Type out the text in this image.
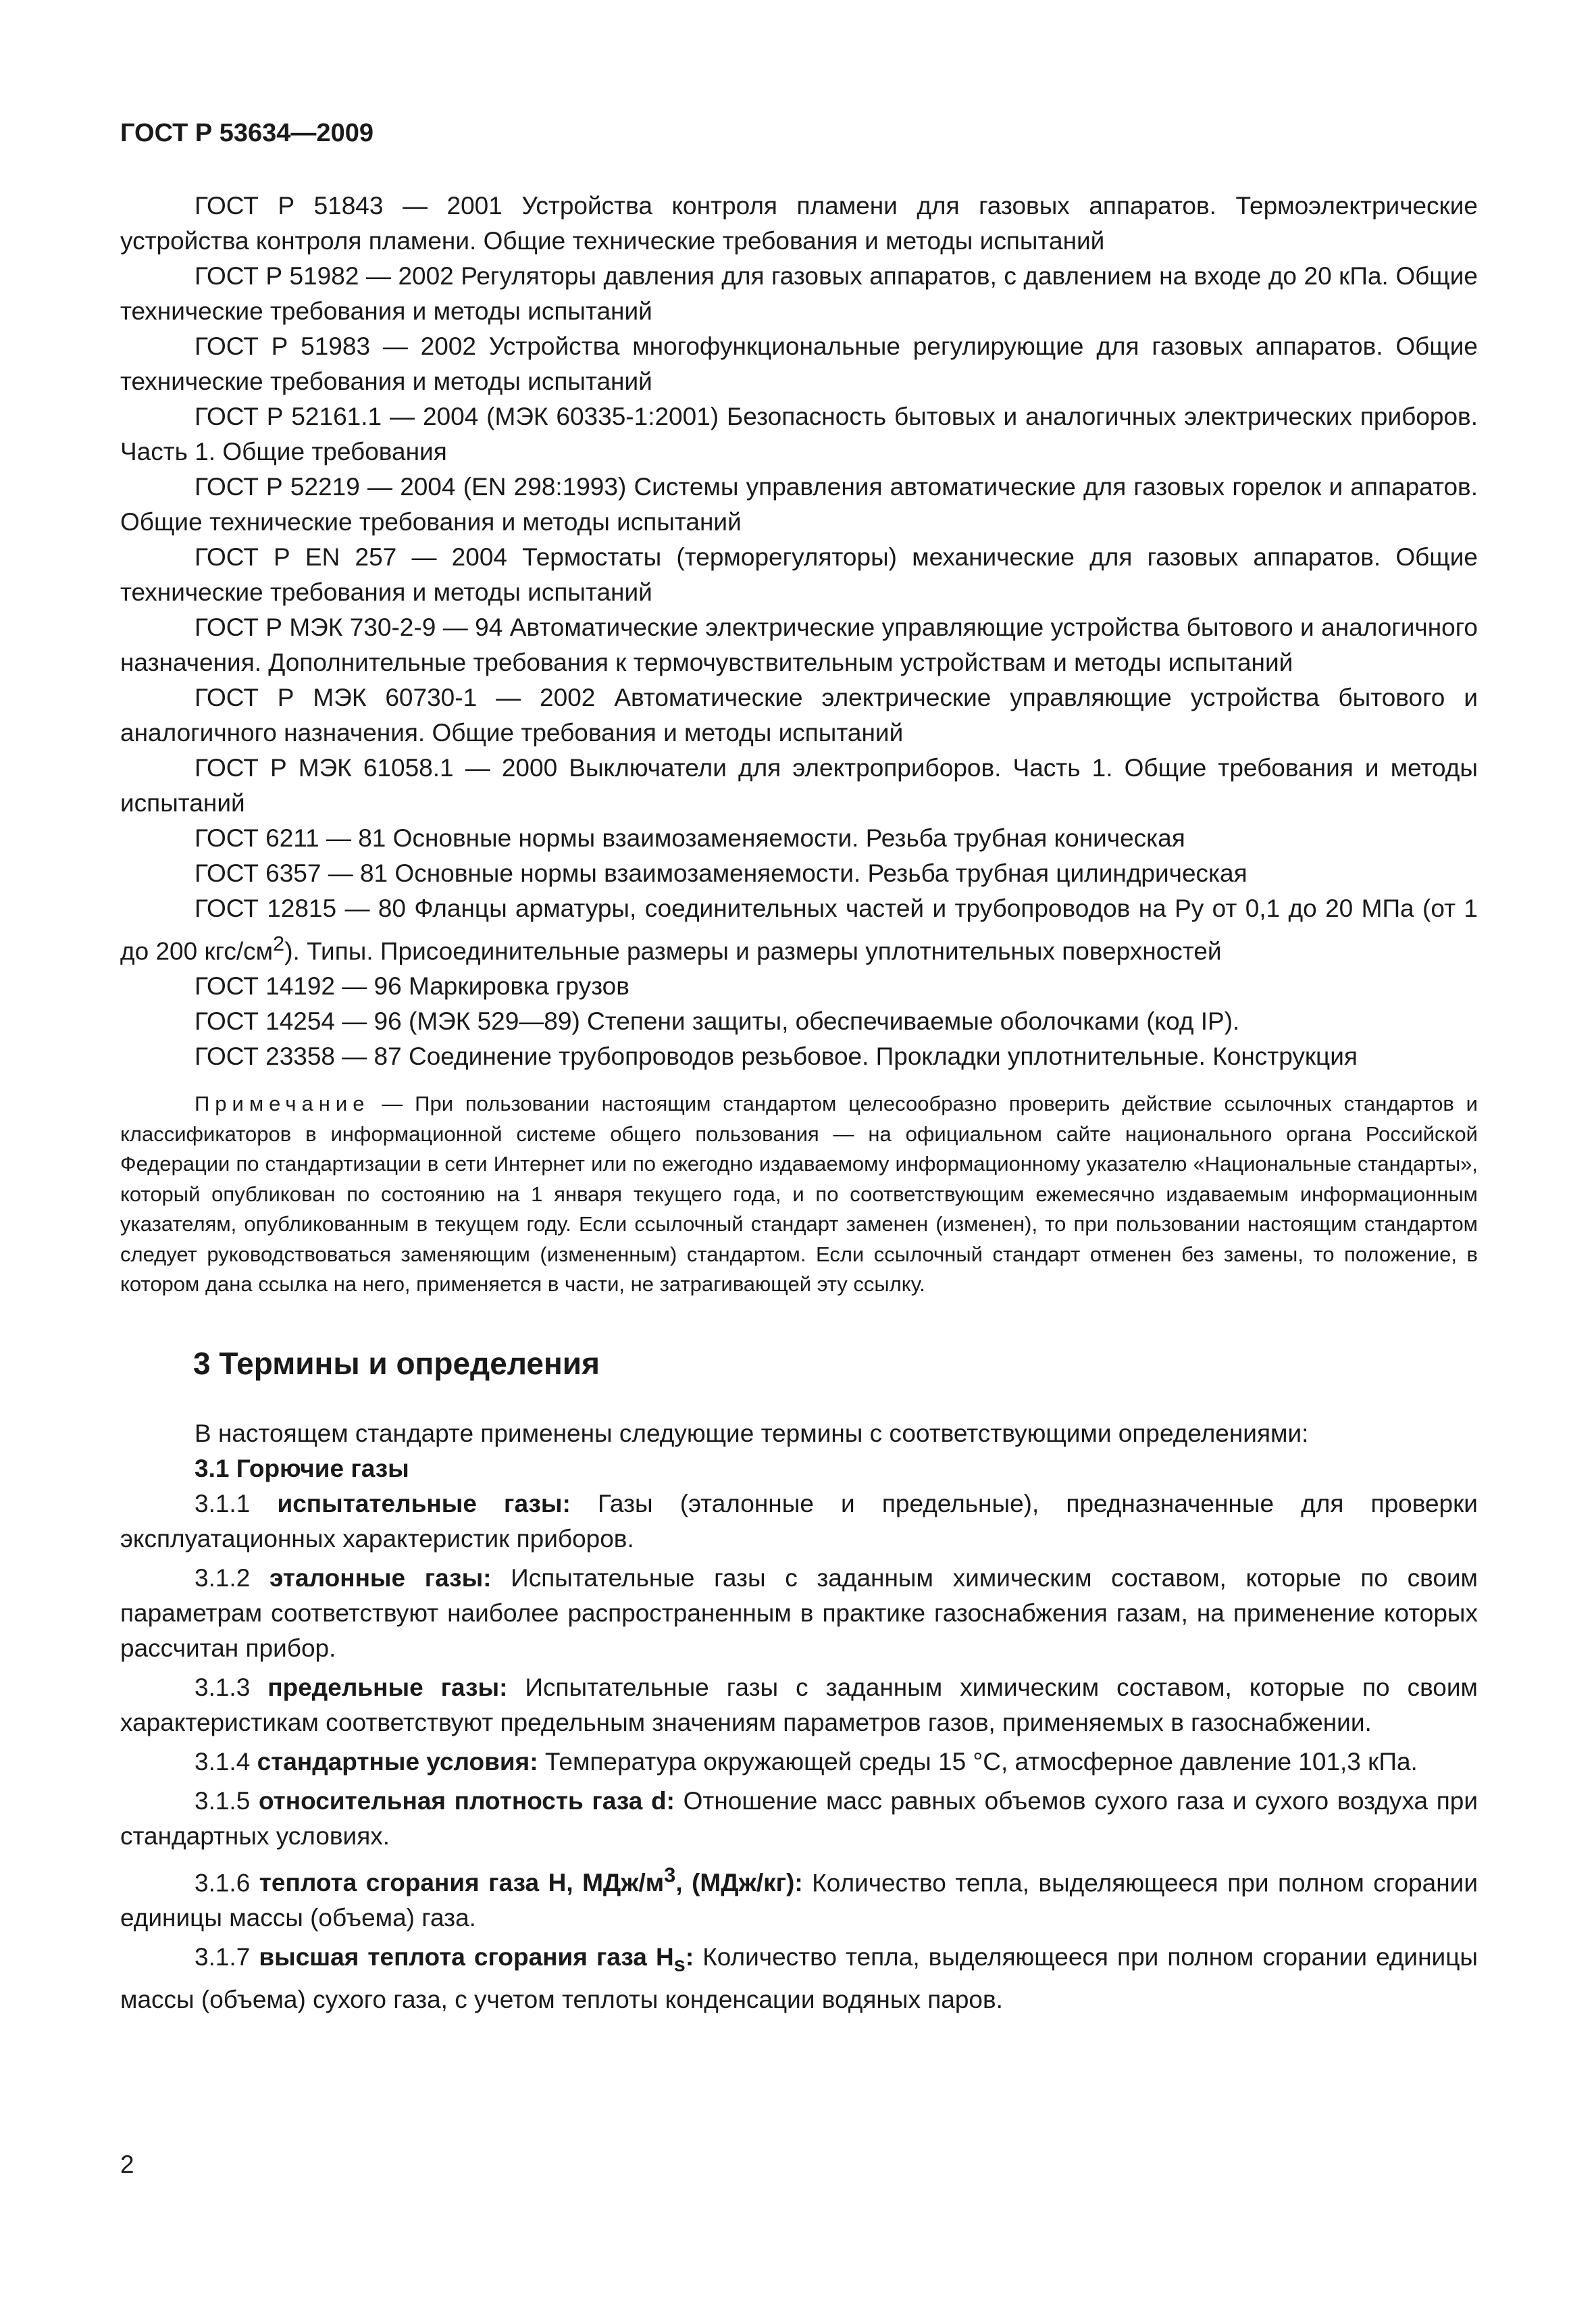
ГОСТ Р 53634—2009

ГОСТ Р 51843 — 2001 Устройства контроля пламени для газовых аппаратов. Термоэлектрические устройства контроля пламени. Общие технические требования и методы испытаний

ГОСТ Р 51982 — 2002 Регуляторы давления для газовых аппаратов, с давлением на входе до 20 кПа. Общие технические требования и методы испытаний

ГОСТ Р 51983 — 2002 Устройства многофункциональные регулирующие для газовых аппаратов. Общие технические требования и методы испытаний

ГОСТ Р 52161.1 — 2004 (МЭК 60335-1:2001) Безопасность бытовых и аналогичных электрических приборов. Часть 1. Общие требования

ГОСТ Р 52219 — 2004 (EN 298:1993) Системы управления автоматические для газовых горелок и аппаратов. Общие технические требования и методы испытаний

ГОСТ Р EN 257 — 2004 Термостаты (терморегуляторы) механические для газовых аппаратов. Общие технические требования и методы испытаний

ГОСТ Р МЭК 730-2-9 — 94 Автоматические электрические управляющие устройства бытового и аналогичного назначения. Дополнительные требования к термочувствительным устройствам и методы испытаний

ГОСТ Р МЭК 60730-1 — 2002 Автоматические электрические управляющие устройства бытового и аналогичного назначения. Общие требования и методы испытаний

ГОСТ Р МЭК 61058.1 — 2000 Выключатели для электроприборов. Часть 1. Общие требования и методы испытаний

ГОСТ 6211 — 81 Основные нормы взаимозаменяемости. Резьба трубная коническая

ГОСТ 6357 — 81 Основные нормы взаимозаменяемости. Резьба трубная цилиндрическая

ГОСТ 12815 — 80 Фланцы арматуры, соединительных частей и трубопроводов на Ру от 0,1 до 20 МПа (от 1 до 200 кгс/$см^2$). Типы. Присоединительные размеры и размеры уплотнительных поверхностей

ГОСТ 14192 — 96 Маркировка грузов

ГОСТ 14254 — 96 (МЭК 529—89) Степени защиты, обеспечиваемые оболочками (код IP).

ГОСТ 23358 — 87 Соединение трубопроводов резьбовое. Прокладки уплотнительные. Конструкция

Примечание — При пользовании настоящим стандартом целесообразно проверить действие ссылочных стандартов и классификаторов в информационной системе общего пользования — на официальном сайте национального органа Российской Федерации по стандартизации в сети Интернет или по ежегодно издаваемому информационному указателю «Национальные стандарты», который опубликован по состоянию на 1 января текущего года, и по соответствующим ежемесячно издаваемым информационным указателям, опубликованным в текущем году. Если ссылочный стандарт заменен (изменен), то при пользовании настоящим стандартом следует руководствоваться заменяющим (измененным) стандартом. Если ссылочный стандарт отменен без замены, то положение, в котором дана ссылка на него, применяется в части, не затрагивающей эту ссылку.

3 Термины и определения

В настоящем стандарте применены следующие термины с соответствующими определениями:

3.1 Горючие газы

3.1.1 испытательные газы: Газы (эталонные и предельные), предназначенные для проверки эксплуатационных характеристик приборов.

3.1.2 эталонные газы: Испытательные газы с заданным химическим составом, которые по своим параметрам соответствуют наиболее распространенным в практике газоснабжения газам, на применение которых рассчитан прибор.

3.1.3 предельные газы: Испытательные газы с заданным химическим составом, которые по своим характеристикам соответствуют предельным значениям параметров газов, применяемых в газоснабжении.

3.1.4 стандартные условия: Температура окружающей среды 15 °С, атмосферное давление 101,3 кПа.

3.1.5 относительная плотность газа d: Отношение масс равных объемов сухого газа и сухого воздуха при стандартных условиях.

3.1.6 теплота сгорания газа Н, МДж/$м^3$, (МДж/кг): Количество тепла, выделяющееся при полном сгорании единицы массы (объема) газа.

3.1.7 высшая теплота сгорания газа $Н_s$: Количество тепла, выделяющееся при полном сгорании единицы массы (объема) сухого газа, с учетом теплоты конденсации водяных паров.

2
